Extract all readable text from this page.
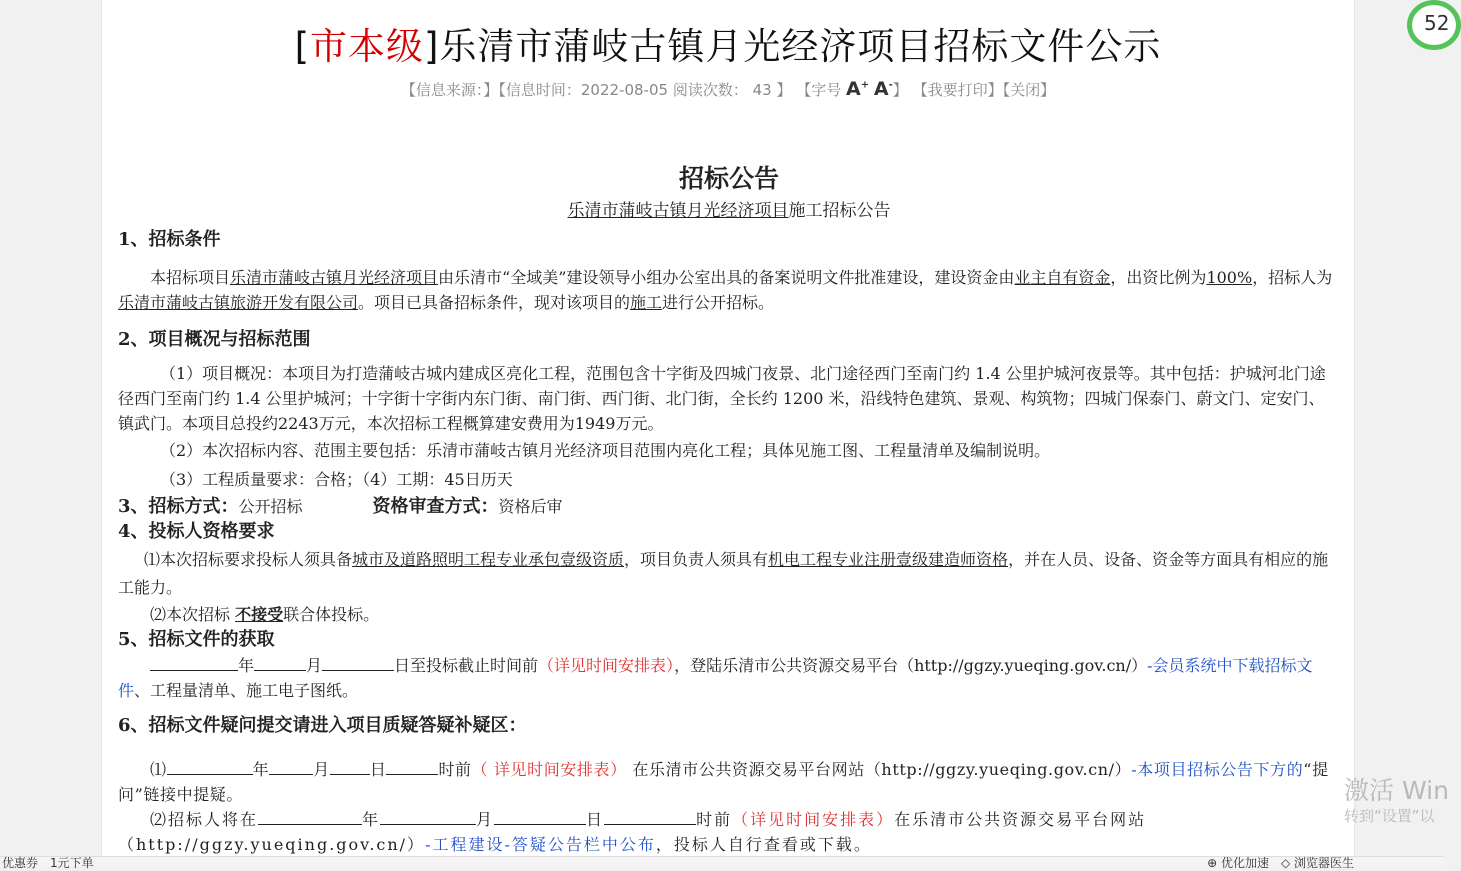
[市本级]乐清市蒲岐古镇月光经济项目招标文件公示
【信息来源：】【信息时间：2022-08-05 阅读次数： 43 】 【字号 A+ A-】 【我要打印】【关闭】
招标公告
乐清市蒲岐古镇月光经济项目施工招标公告

1、招标条件

本招标项目乐清市蒲岐古镇月光经济项目由乐清市“全域美”建设领导小组办公室出具的备案说明文件批准建设，建设资金由业主自有资金，出资比例为100%，招标人为乐清市蒲岐古镇旅游开发有限公司。项目已具备招标条件，现对该项目的施工进行公开招标。

2、项目概况与招标范围

（1）项目概况：本项目为打造蒲岐古城内建成区亮化工程，范围包含十字街及四城门夜景、北门途径西门至南门约 1.4 公里护城河夜景等。其中包括：护城河北门途径西门至南门约 1.4 公里护城河；十字街十字街内东门街、南门街、西门街、北门街，全长约 1200 米，沿线特色建筑、景观、构筑物；四城门保泰门、蔚文门、定安门、镇武门。本项目总投约2243万元，本次招标工程概算建安费用为1949万元。

（2）本次招标内容、范围主要包括：乐清市蒲岐古镇月光经济项目范围内亮化工程；具体见施工图、工程量清单及编制说明。

（3）工程质量要求：合格；（4）工期：45日历天

3、招标方式：公开招标	资格审查方式：资格后审

4、投标人资格要求

⑴本次招标要求投标人须具备城市及道路照明工程专业承包壹级资质，项目负责人须具有机电工程专业注册壹级建造师资格，并在人员、设备、资金等方面具有相应的施工能力。

⑵本次招标 不接受联合体投标。

5、招标文件的获取

年	月	日至投标截止时间前（详见时间安排表），登陆乐清市公共资源交易平台（http://ggzy.yueqing.gov.cn/）-会员系统中下载招标文件、工程量清单、施工电子图纸。

6、招标文件疑问提交请进入项目质疑答疑补疑区：

⑴	年	月	日	时前（ 详见时间安排表） 在乐清市公共资源交易平台网站（http://ggzy.yueqing.gov.cn/）-本项目招标公告下方的“提问”链接中提疑。

⑵招标人将在	年	月	日	时前（详见时间安排表）在乐清市公共资源交易平台网站（http://ggzy.yueqing.gov.cn/）-工程建设-答疑公告栏中公布，投标人自行查看或下载。

52
激活 Win
转到“设置”以
优惠券　1元下单	⊕ 优化加速　◇ 浏览器医生
